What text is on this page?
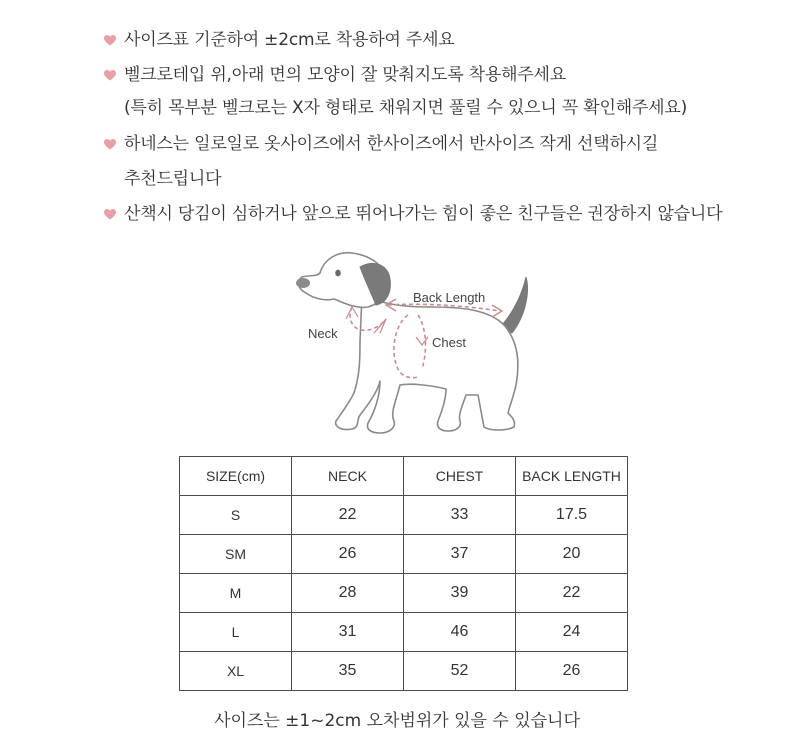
사이즈표 기준하여 ±2cm로 착용하여 주세요
벨크로테입 위,아래 면의 모양이 잘 맞춰지도록 착용해주세요
(특히 목부분 벨크로는 X자 형태로 채워지면 풀릴 수 있으니 꼭 확인해주세요)
하네스는 일로일로 옷사이즈에서 한사이즈에서 반사이즈 작게 선택하시길
추천드립니다
산책시 당김이 심하거나 앞으로 뛰어나가는 힘이 좋은 친구들은 권장하지 않습니다
Back Length
Neck
Chest
SIZE(cm)	NECK	CHEST	BACK LENGTH
S	22	33	17.5
SM	26	37	20
M	28	39	22
L	31	46	24
XL	35	52	26
사이즈는 ±1~2cm 오차범위가 있을 수 있습니다
